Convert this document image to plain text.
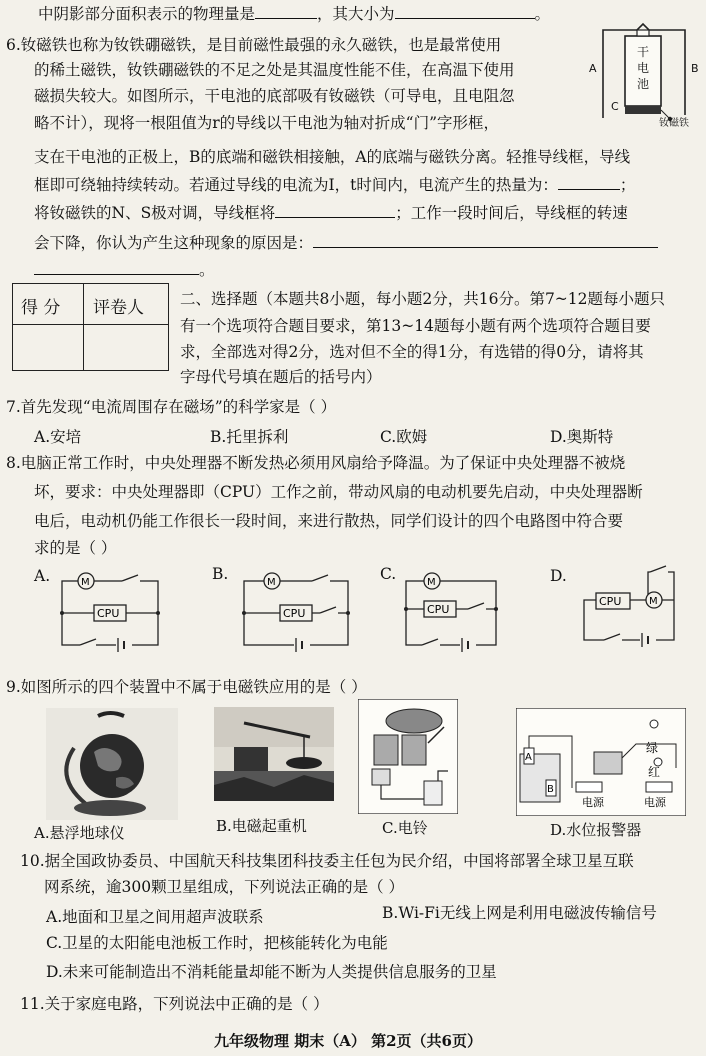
中阴影部分面积表示的物理量是	，其大小为	。
6.钕磁铁也称为钕铁硼磁铁，是目前磁性最强的永久磁铁，也是最常使用
的稀土磁铁，钕铁硼磁铁的不足之处是其温度性能不佳，在高温下使用
磁损失较大。如图所示，干电池的底部吸有钕磁铁（可导电，且电阻忽
略不计），现将一根阻值为r的导线以干电池为轴对折成“门”字形框，
支在干电池的正极上，B的底端和磁铁相接触，A的底端与磁铁分离。轻推导线框，导线
框即可绕轴持续转动。若通过导线的电流为I，t时间内，电流产生的热量为：	；
将钕磁铁的N、S极对调，导线框将	；工作一段时间后，导线框的转速
会下降，你认为产生这种现象的原因是：
。
干
电
池
A	B
C
钕磁铁
得 分 评卷人 二、选择题（本题共8小题，每小题2分，共16分。第7~12题每小题只
有一个选项符合题目要求，第13~14题每小题有两个选项符合题目要
求，全部选对得2分，选对但不全的得1分，有选错的得0分，请将其
字母代号填在题后的括号内）
7.首先发现“电流周围存在磁场”的科学家是（ ）
A.安培	B.托里拆利	C.欧姆	D.奥斯特
8.电脑正常工作时，中央处理器不断发热必须用风扇给予降温。为了保证中央处理器不被烧
坏，要求：中央处理器即（CPU）工作之前，带动风扇的电动机要先启动，中央处理器断
电后，电动机仍能工作很长一段时间，来进行散热，同学们设计的四个电路图中符合要
求的是（ ）
A.	M
CPU
B.	M
CPU
C.	M
CPU
D.
CPU	M
9.如图所示的四个装置中不属于电磁铁应用的是（ ）
A
B
电源
绿
红
电源
A.悬浮地球仪	B.电磁起重机	C.电铃	D.水位报警器
10.据全国政协委员、中国航天科技集团科技委主任包为民介绍，中国将部署全球卫星互联
网系统，逾300颗卫星组成，下列说法正确的是（ ）
A.地面和卫星之间用超声波联系	B.Wi-Fi无线上网是利用电磁波传输信号
C.卫星的太阳能电池板工作时，把核能转化为电能
D.未来可能制造出不消耗能量却能不断为人类提供信息服务的卫星
11.关于家庭电路，下列说法中正确的是（ ）
九年级物理 期末（A） 第2页（共6页）
